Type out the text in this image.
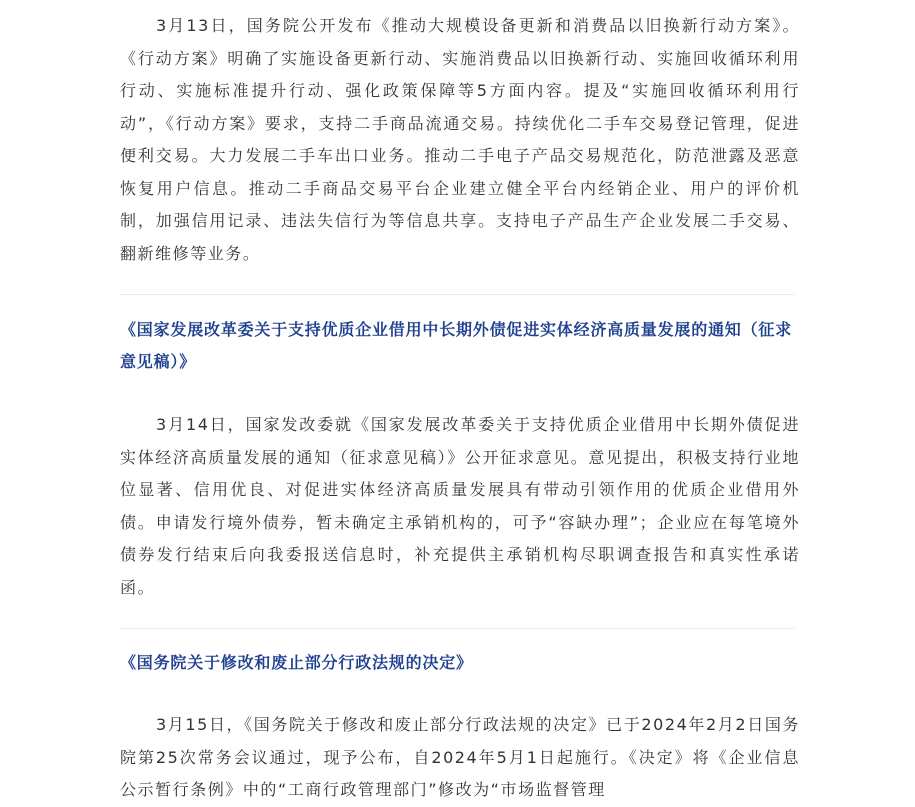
3月13日，国务院公开发布《推动大规模设备更新和消费品以旧换新行动方案》。《行动方案》明确了实施设备更新行动、实施消费品以旧换新行动、实施回收循环利用行动、实施标准提升行动、强化政策保障等5方面内容。提及“实施回收循环利用行动”，《行动方案》要求，支持二手商品流通交易。持续优化二手车交易登记管理，促进便利交易。大力发展二手车出口业务。推动二手电子产品交易规范化，防范泄露及恶意恢复用户信息。推动二手商品交易平台企业建立健全平台内经销企业、用户的评价机制，加强信用记录、违法失信行为等信息共享。支持电子产品生产企业发展二手交易、翻新维修等业务。

《国家发展改革委关于支持优质企业借用中长期外债促进实体经济高质量发展的通知（征求意见稿）》

3月14日，国家发改委就《国家发展改革委关于支持优质企业借用中长期外债促进实体经济高质量发展的通知（征求意见稿）》公开征求意见。意见提出，积极支持行业地位显著、信用优良、对促进实体经济高质量发展具有带动引领作用的优质企业借用外债。申请发行境外债券，暂未确定主承销机构的，可予“容缺办理”；企业应在每笔境外债券发行结束后向我委报送信息时，补充提供主承销机构尽职调查报告和真实性承诺函。

《国务院关于修改和废止部分行政法规的决定》

3月15日，《国务院关于修改和废止部分行政法规的决定》已于2024年2月2日国务院第25次常务会议通过，现予公布，自2024年5月1日起施行。《决定》将《企业信息公示暂行条例》中的“工商行政管理部门”修改为“市场监督管理
